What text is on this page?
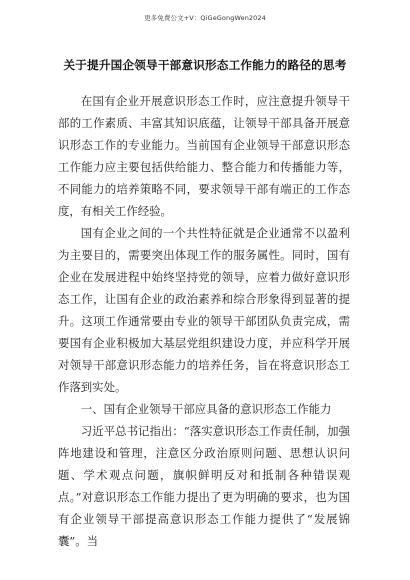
更多免费公文+V：QiGeGongWen2024
关于提升国企领导干部意识形态工作能力的路径的思考

在国有企业开展意识形态工作时，应注意提升领导干部的工作素质、丰富其知识底蕴，让领导干部具备开展意识形态工作的专业能力。当前国有企业领导干部意识形态工作能力应主要包括供给能力、整合能力和传播能力等，不同能力的培养策略不同，要求领导干部有端正的工作态度，有相关工作经验。

国有企业之间的一个共性特征就是企业通常不以盈利为主要目的，需要突出体现工作的服务属性。同时，国有企业在发展进程中始终坚持党的领导，应着力做好意识形态工作，让国有企业的政治素养和综合形象得到显著的提升。这项工作通常要由专业的领导干部团队负责完成，需要国有企业积极加大基层党组织建设力度，并应科学开展对领导干部意识形态能力的培养任务，旨在将意识形态工作落到实处。

一、国有企业领导干部应具备的意识形态工作能力

习近平总书记指出：“落实意识形态工作责任制，加强阵地建设和管理，注意区分政治原则问题、思想认识问题、学术观点问题，旗帜鲜明反对和抵制各种错误观点。”对意识形态工作能力提出了更为明确的要求，也为国有企业领导干部提高意识形态工作能力提供了“发展锦囊”。当
